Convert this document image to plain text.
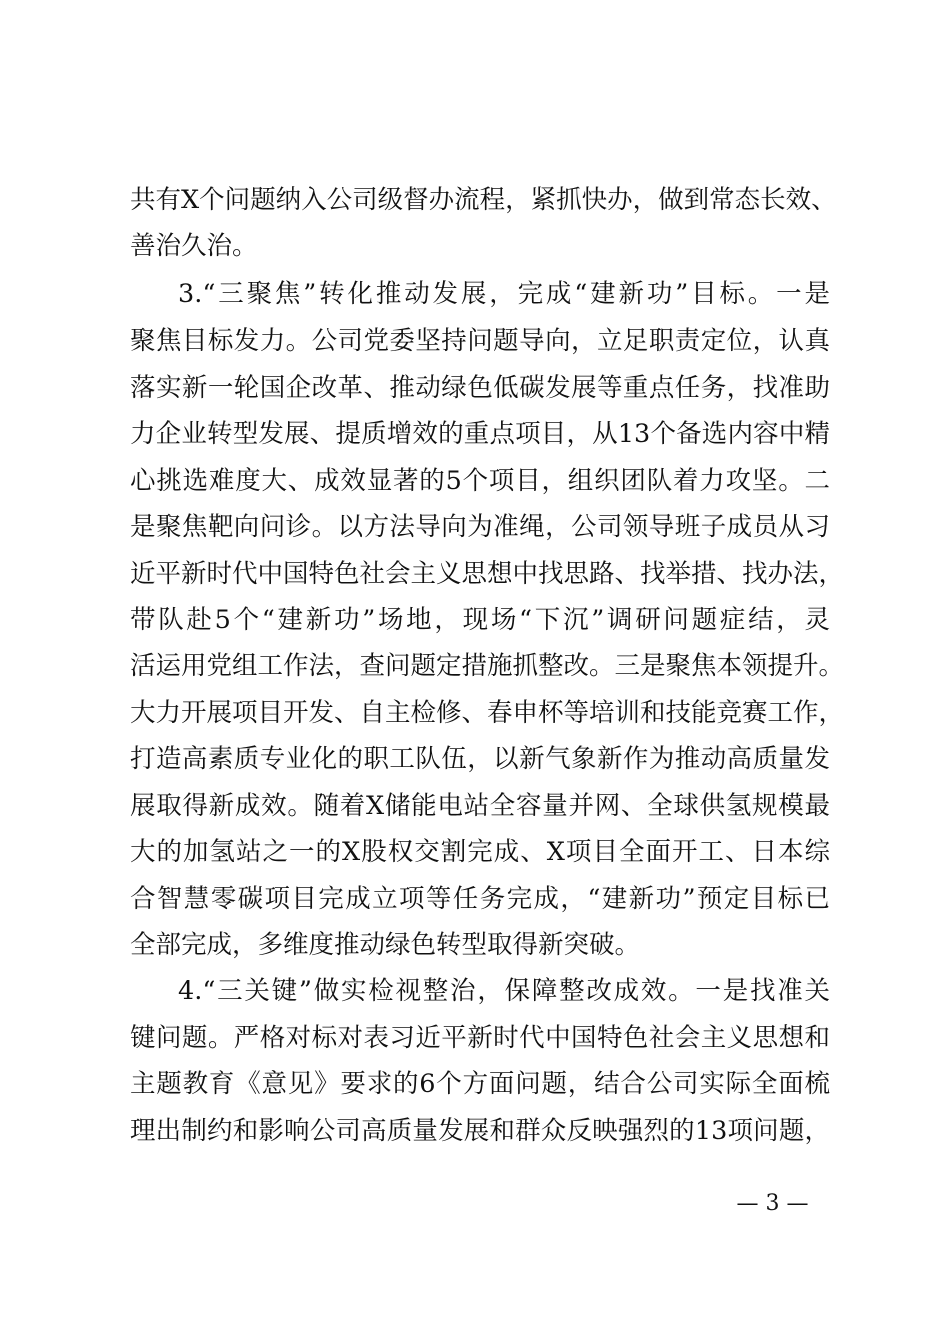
共有X个问题纳入公司级督办流程，紧抓快办，做到常态长效、
善治久治。
3.“三聚焦”转化推动发展，完成“建新功”目标。一是
聚焦目标发力。公司党委坚持问题导向，立足职责定位，认真
落实新一轮国企改革、推动绿色低碳发展等重点任务，找准助
力企业转型发展、提质增效的重点项目，从13个备选内容中精
心挑选难度大、成效显著的5个项目，组织团队着力攻坚。二
是聚焦靶向问诊。以方法导向为准绳，公司领导班子成员从习
近平新时代中国特色社会主义思想中找思路、找举措、找办法，
带队赴5个“建新功”场地，现场“下沉”调研问题症结，灵
活运用党组工作法，查问题定措施抓整改。三是聚焦本领提升。
大力开展项目开发、自主检修、春申杯等培训和技能竞赛工作，
打造高素质专业化的职工队伍，以新气象新作为推动高质量发
展取得新成效。随着X储能电站全容量并网、全球供氢规模最
大的加氢站之一的X股权交割完成、X项目全面开工、日本综
合智慧零碳项目完成立项等任务完成，“建新功”预定目标已
全部完成，多维度推动绿色转型取得新突破。
4.“三关键”做实检视整治，保障整改成效。一是找准关
键问题。严格对标对表习近平新时代中国特色社会主义思想和
主题教育《意见》要求的6个方面问题，结合公司实际全面梳
理出制约和影响公司高质量发展和群众反映强烈的13项问题，
— 3 —
